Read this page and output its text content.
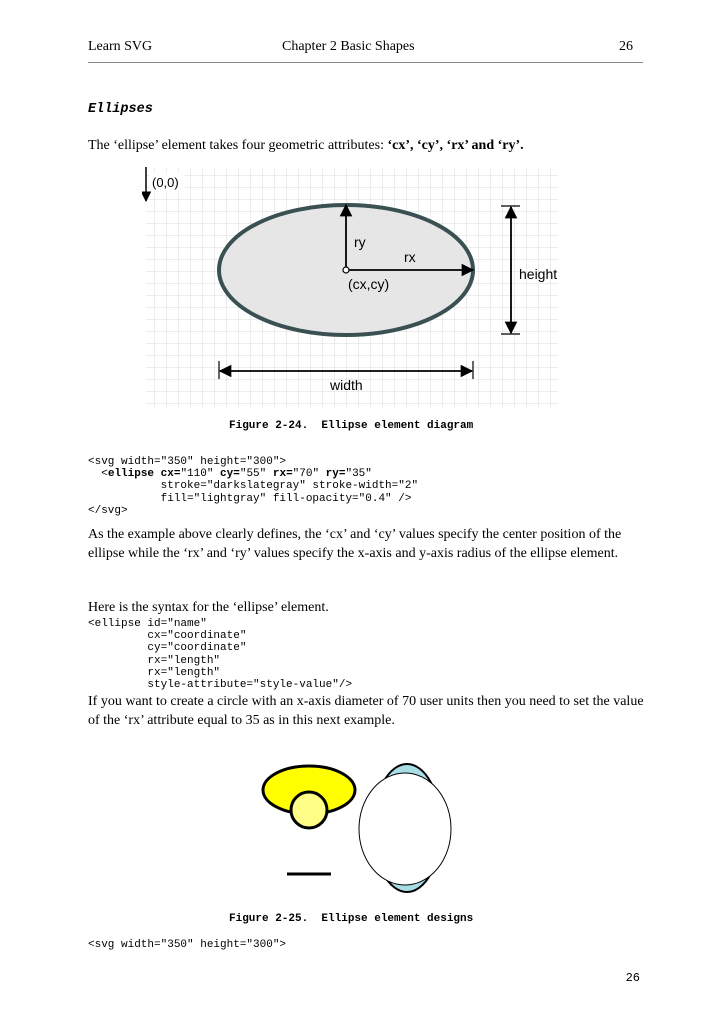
Learn SVG	Chapter 2 Basic Shapes	26
Ellipses
The ‘ellipse’ element takes four geometric attributes: ‘cx’, ‘cy’, ‘rx’ and ‘ry’.
(0,0)
ry
rx
(cx,cy)
height
width
Figure 2-24.  Ellipse element diagram
<svg width="350" height="300">
<ellipse cx="110" cy="55" rx="70" ry="35"
stroke="darkslategray" stroke-width="2"
fill="lightgray" fill-opacity="0.4" />
</svg>
As the example above clearly defines, the ‘cx’ and ‘cy’ values specify the center position of the ellipse while the ‘rx’ and ‘ry’ values specify the x-axis and y-axis radius of the ellipse element.
Here is the syntax for the ‘ellipse’ element.
<ellipse id="name"
cx="coordinate"
cy="coordinate"
rx="length"
rx="length"
style-attribute="style-value"/>
If you want to create a circle with an x-axis diameter of 70 user units then you need to set the value of the ‘rx’ attribute equal to 35 as in this next example.
Figure 2-25.  Ellipse element designs
<svg width="350" height="300">
26
